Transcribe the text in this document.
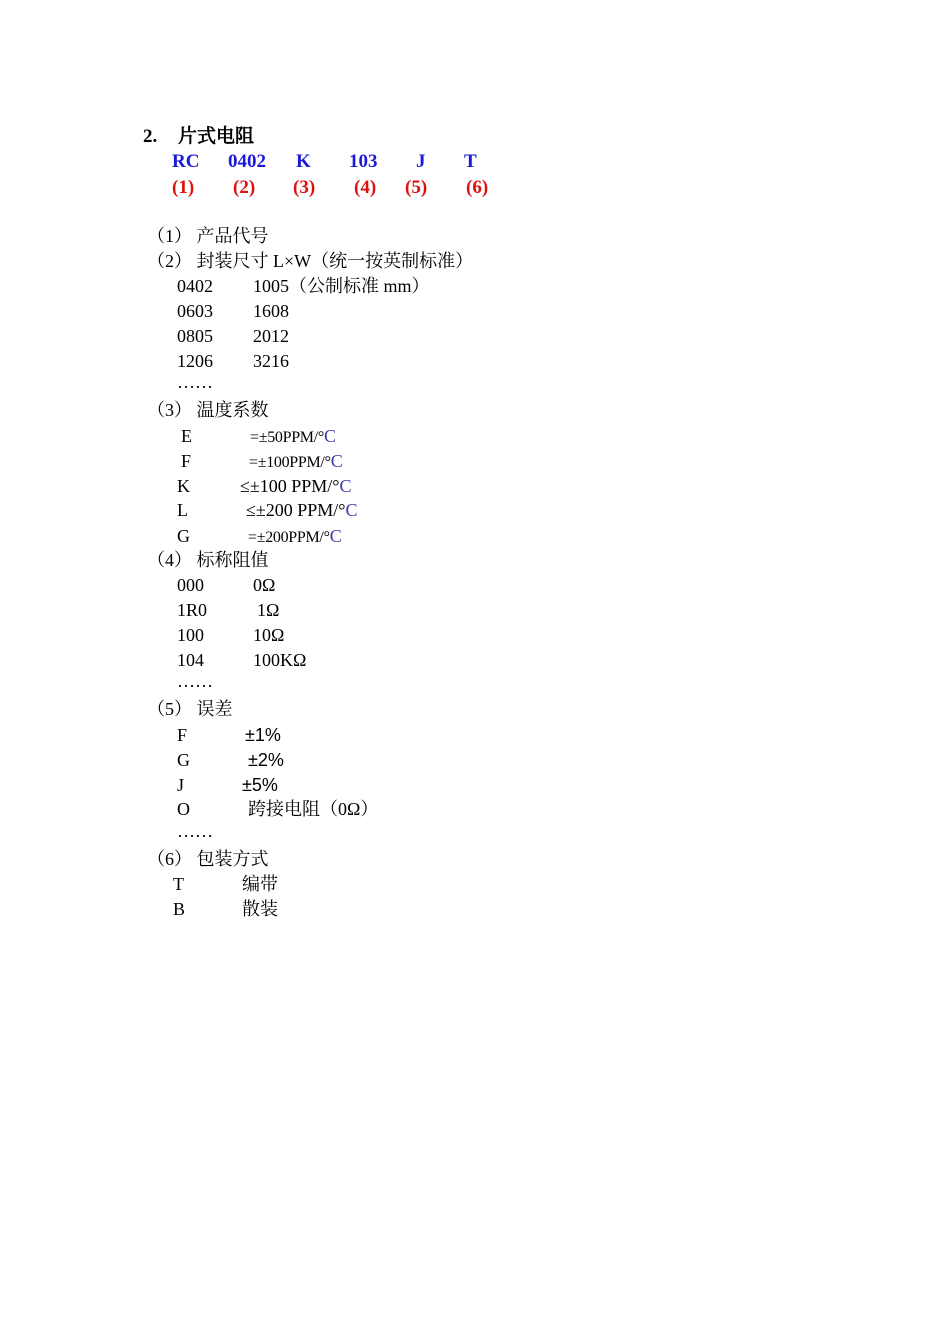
2. 片式电阻
RC 0402 K 103 J T
(1) (2) (3) (4) (5) (6)
（1） 产品代号
（2） 封装尺寸 L×W（统一按英制标准）
0402 1005（公制标准 mm）
0603 1608
0805 2012
1206 3216
……
（3） 温度系数
E	=±50PPM/°C
F	=±100PPM/°C
K	≤±100 PPM/°C
L	≤±200 PPM/°C
G	=±200PPM/°C
（4） 标称阻值
000	0Ω
1R0	1Ω
100	10Ω
104	100KΩ
……
（5） 误差
F	±1%
G	±2%
J	±5%
O	跨接电阻（0Ω）
……
（6） 包装方式
T	编带
B	散装
